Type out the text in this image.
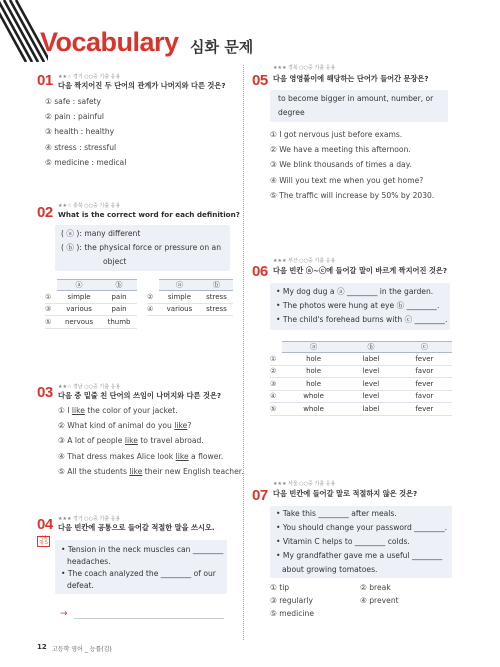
Vocabulary 심화 문제
01 ★★☆ 경기 ○○중 기출 응용
다음 짝지어진 두 단어의 관계가 나머지와 다른 것은?
① safe : safety
② pain : painful
③ health : healthy
④ stress : stressful
⑤ medicine : medical
02 ★★☆ 충북 ○○중 기출 응용
What is the correct word for each definition?
( ⓐ ): many different
( ⓑ ): the physical force or pressure on an
object
	ⓐ	ⓑ
①	simple	pain
③	various	pain
⑤	nervous	thumb
	ⓐ	ⓑ
②	simple	stress
④	various	stress
03 ★★☆ 경남 ○○중 기출 응용
다음 중 밑줄 친 단어의 쓰임이 나머지와 다른 것은?
① I like the color of your jacket.
② What kind of animal do you like?
③ A lot of people like to travel abroad.
④ That dress makes Alice look like a flower.
⑤ All the students like their new English teacher.
04 ★★★ 경기 ○○중 기출 응용
다음 빈칸에 공통으로 들어갈 적절한 말을 쓰시오.
서술형 5
• Tension in the neck muscles can ________
headaches.
• The coach analyzed the ________ of our
defeat.
→
05
★★★ 경북 ○○중 기출 응용
다음 영영풀이에 해당하는 단어가 들어간 문장은?
to become bigger in amount, number, or
degree
① I got nervous just before exams.
② We have a meeting this afternoon.
③ We blink thousands of times a day.
④ Will you text me when you get home?
⑤ The traffic will increase by 50% by 2030.
06
★★★ 부산 ○○중 기출 응용
다음 빈칸 ⓐ~ⓒ에 들어갈 말이 바르게 짝지어진 것은?
• My dog dug a ⓐ ________ in the garden.
• The photos were hung at eye ⓑ ________.
• The child's forehead burns with ⓒ ________.
	ⓐ	ⓑ	ⓒ
①	hole	label	fever
②	hole	level	favor
③	hole	level	fever
④	whole	level	favor
⑤	whole	label	fever
07
★★★ 서울 ○○중 기출 응용
다음 빈칸에 들어갈 말로 적절하지 않은 것은?
• Take this ________ after meals.
• You should change your password ________.
• Vitamin C helps to ________ colds.
• My grandfather gave me a useful ________
about growing tomatoes.
① tip	② break
③ regularly	④ prevent
⑤ medicine
12 고등학 영어 _ 능률(김)
